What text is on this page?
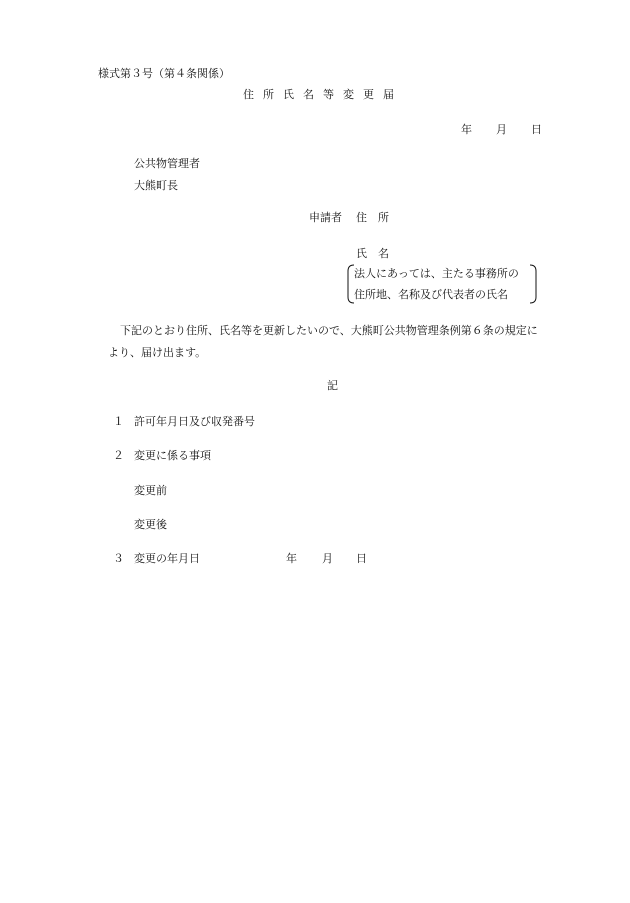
様式第３号（第４条関係）
住所氏名等変更届
年 月 日
公共物管理者
大熊町長
申請者 住　所
氏　名
法人にあっては、主たる事務所の
住所地、名称及び代表者の氏名
下記のとおり住所、氏名等を更新したいので、大熊町公共物管理条例第６条の規定に
より、届け出ます。
記
１ 許可年月日及び収発番号
２ 変更に係る事項
変更前
変更後
３ 変更の年月日	年 月 日
